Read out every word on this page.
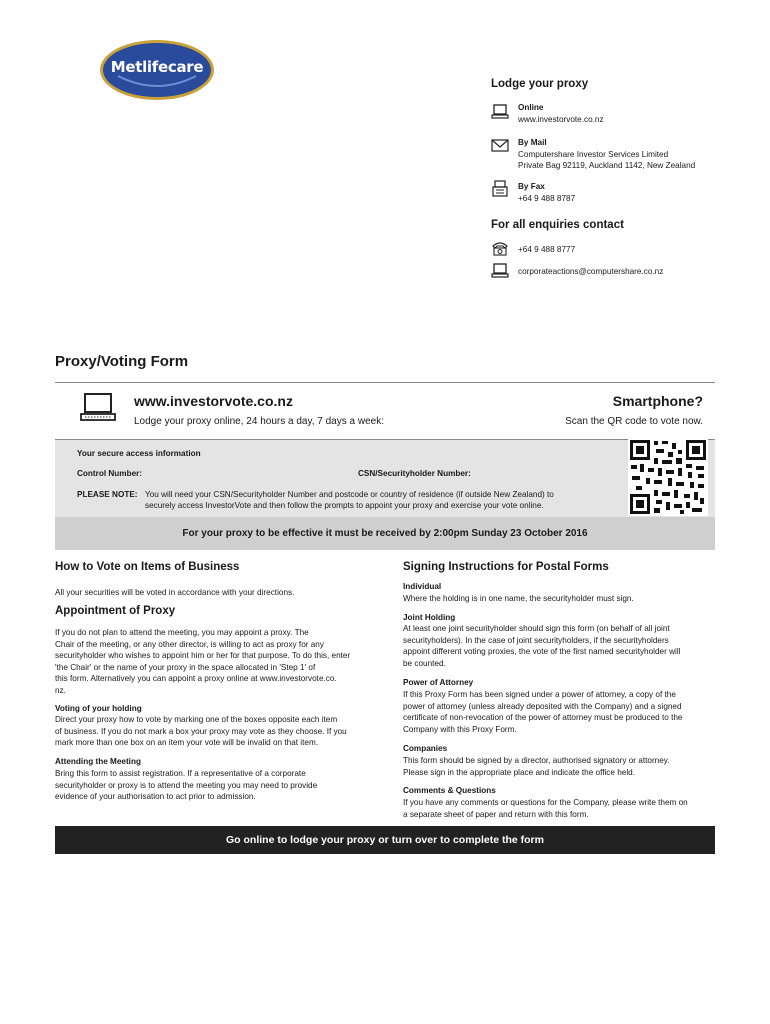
Metlifecare
Lodge your proxy
Online
www.investorvote.co.nz
By Mail
Computershare Investor Services Limited
Private Bag 92119, Auckland 1142, New Zealand
By Fax
+64 9 488 8787
For all enquiries contact
+64 9 488 8777
corporateactions@computershare.co.nz
Proxy/Voting Form
www.investorvote.co.nz
Lodge your proxy online, 24 hours a day, 7 days a week:
Smartphone?
Scan the QR code to vote now.
Your secure access information
Control Number:	CSN/Securityholder Number:
PLEASE NOTE: You will need your CSN/Securityholder Number and postcode or country of residence (if outside New Zealand) to
securely access InvestorVote and then follow the prompts to appoint your proxy and exercise your vote online.
For your proxy to be effective it must be received by 2:00pm Sunday 23 October 2016
How to Vote on Items of Business
All your securities will be voted in accordance with your directions.
Appointment of Proxy
If you do not plan to attend the meeting, you may appoint a proxy. The
Chair of the meeting, or any other director, is willing to act as proxy for any
securityholder who wishes to appoint him or her for that purpose. To do this, enter
'the Chair' or the name of your proxy in the space allocated in 'Step 1' of
this form. Alternatively you can appoint a proxy online at www.investorvote.co.
nz.
Voting of your holding
Direct your proxy how to vote by marking one of the boxes opposite each item
of business. If you do not mark a box your proxy may vote as they choose. If you
mark more than one box on an item your vote will be invalid on that item.
Attending the Meeting
Bring this form to assist registration. If a representative of a corporate
securityholder or proxy is to attend the meeting you may need to provide
evidence of your authorisation to act prior to admission.
Signing Instructions for Postal Forms
Individual
Where the holding is in one name, the securityholder must sign.
Joint Holding
At least one joint securityholder should sign this form (on behalf of all joint
securityholders). In the case of joint securityholders, if the securityholders
appoint different voting proxies, the vote of the first named securityholder will
be counted.
Power of Attorney
If this Proxy Form has been signed under a power of attorney, a copy of the
power of attorney (unless already deposited with the Company) and a signed
certificate of non-revocation of the power of attorney must be produced to the
Company with this Proxy Form.
Companies
This form should be signed by a director, authorised signatory or attorney.
Please sign in the appropriate place and indicate the office held.
Comments & Questions
If you have any comments or questions for the Company, please write them on
a separate sheet of paper and return with this form.
Go online to lodge your proxy or turn over to complete the form
